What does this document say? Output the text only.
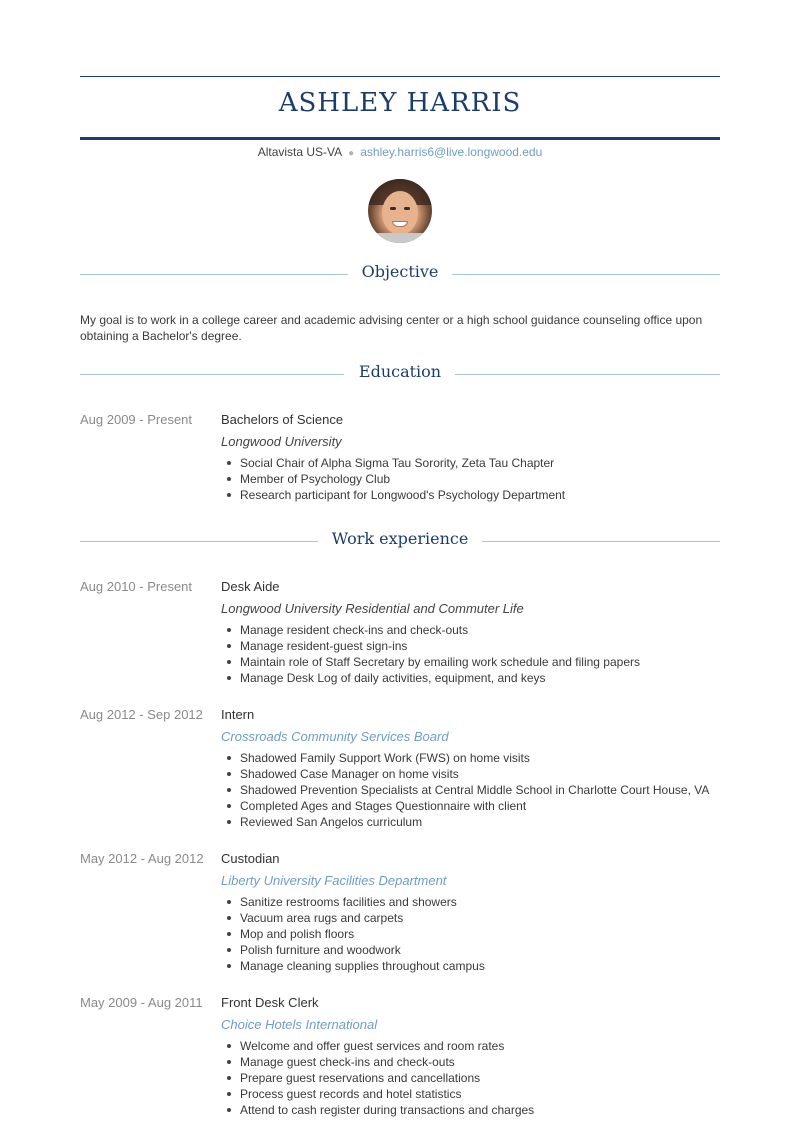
ASHLEY HARRIS
Altavista US-VA ● ashley.harris6@live.longwood.edu
Objective
My goal is to work in a college career and academic advising center or a high school guidance counseling office upon obtaining a Bachelor's degree.
Education
Aug 2009 - Present Bachelors of Science
Longwood University
Social Chair of Alpha Sigma Tau Sorority, Zeta Tau Chapter
Member of Psychology Club
Research participant for Longwood's Psychology Department
Work experience
Aug 2010 - Present Desk Aide
Longwood University Residential and Commuter Life
Manage resident check-ins and check-outs
Manage resident-guest sign-ins
Maintain role of Staff Secretary by emailing work schedule and filing papers
Manage Desk Log of daily activities, equipment, and keys
Aug 2012 - Sep 2012 Intern
Crossroads Community Services Board
Shadowed Family Support Work (FWS) on home visits
Shadowed Case Manager on home visits
Shadowed Prevention Specialists at Central Middle School in Charlotte Court House, VA
Completed Ages and Stages Questionnaire with client
Reviewed San Angelos curriculum
May 2012 - Aug 2012 Custodian
Liberty University Facilities Department
Sanitize restrooms facilities and showers
Vacuum area rugs and carpets
Mop and polish floors
Polish furniture and woodwork
Manage cleaning supplies throughout campus
May 2009 - Aug 2011 Front Desk Clerk
Choice Hotels International
Welcome and offer guest services and room rates
Manage guest check-ins and check-outs
Prepare guest reservations and cancellations
Process guest records and hotel statistics
Attend to cash register during transactions and charges
